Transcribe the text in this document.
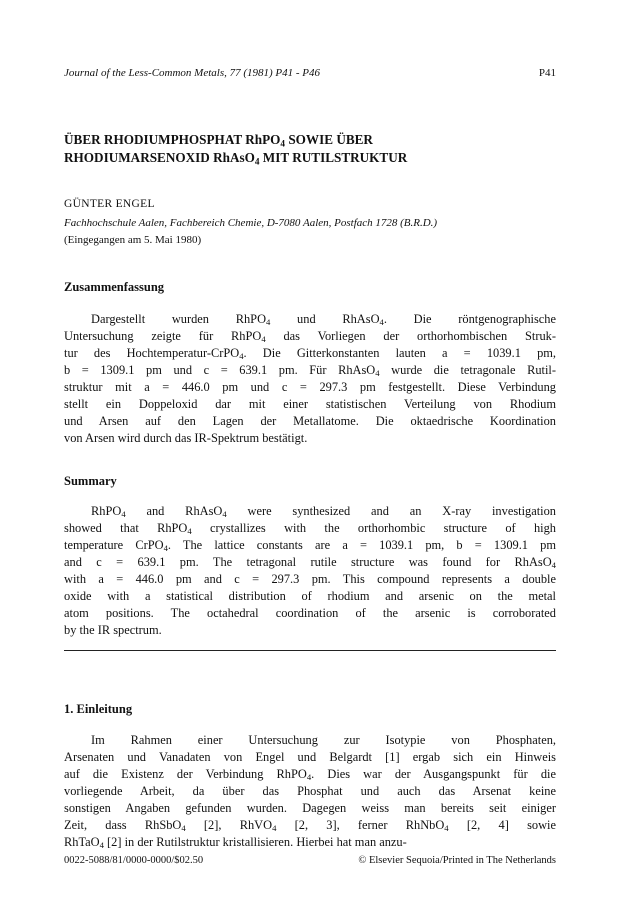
Journal of the Less-Common Metals, 77 (1981) P41 - P46	P41
ÜBER RHODIUMPHOSPHAT RhPO$_4$ SOWIE ÜBER
RHODIUMARSENOXID RhAsO$_4$ MIT RUTILSTRUKTUR
GÜNTER ENGEL
Fachhochschule Aalen, Fachbereich Chemie, D-7080 Aalen, Postfach 1728 (B.R.D.)
(Eingegangen am 5. Mai 1980)
Zusammenfassung
Dargestellt wurden RhPO$_4$ und RhAsO$_4$. Die röntgenographische
Untersuchung zeigte für RhPO$_4$ das Vorliegen der orthorhombischen Struk-
tur des Hochtemperatur-CrPO$_4$. Die Gitterkonstanten lauten a = 1039.1 pm,
b = 1309.1 pm und c = 639.1 pm. Für RhAsO$_4$ wurde die tetragonale Rutil-
struktur mit a = 446.0 pm und c = 297.3 pm festgestellt. Diese Verbindung
stellt ein Doppeloxid dar mit einer statistischen Verteilung von Rhodium
und Arsen auf den Lagen der Metallatome. Die oktaedrische Koordination
von Arsen wird durch das IR-Spektrum bestätigt.
Summary
RhPO$_4$ and RhAsO$_4$ were synthesized and an X-ray investigation
showed that RhPO$_4$ crystallizes with the orthorhombic structure of high
temperature CrPO$_4$. The lattice constants are a = 1039.1 pm, b = 1309.1 pm
and c = 639.1 pm. The tetragonal rutile structure was found for RhAsO$_4$
with a = 446.0 pm and c = 297.3 pm. This compound represents a double
oxide with a statistical distribution of rhodium and arsenic on the metal
atom positions. The octahedral coordination of the arsenic is corroborated
by the IR spectrum.
1. Einleitung
Im Rahmen einer Untersuchung zur Isotypie von Phosphaten,
Arsenaten und Vanadaten von Engel und Belgardt [1] ergab sich ein Hinweis
auf die Existenz der Verbindung RhPO$_4$. Dies war der Ausgangspunkt für die
vorliegende Arbeit, da über das Phosphat und auch das Arsenat keine
sonstigen Angaben gefunden wurden. Dagegen weiss man bereits seit einiger
Zeit, dass RhSbO$_4$ [2], RhVO$_4$ [2, 3], ferner RhNbO$_4$ [2, 4] sowie
RhTaO$_4$ [2] in der Rutilstruktur kristallisieren. Hierbei hat man anzu-
0022-5088/81/0000-0000/$02.50	© Elsevier Sequoia/Printed in The Netherlands
